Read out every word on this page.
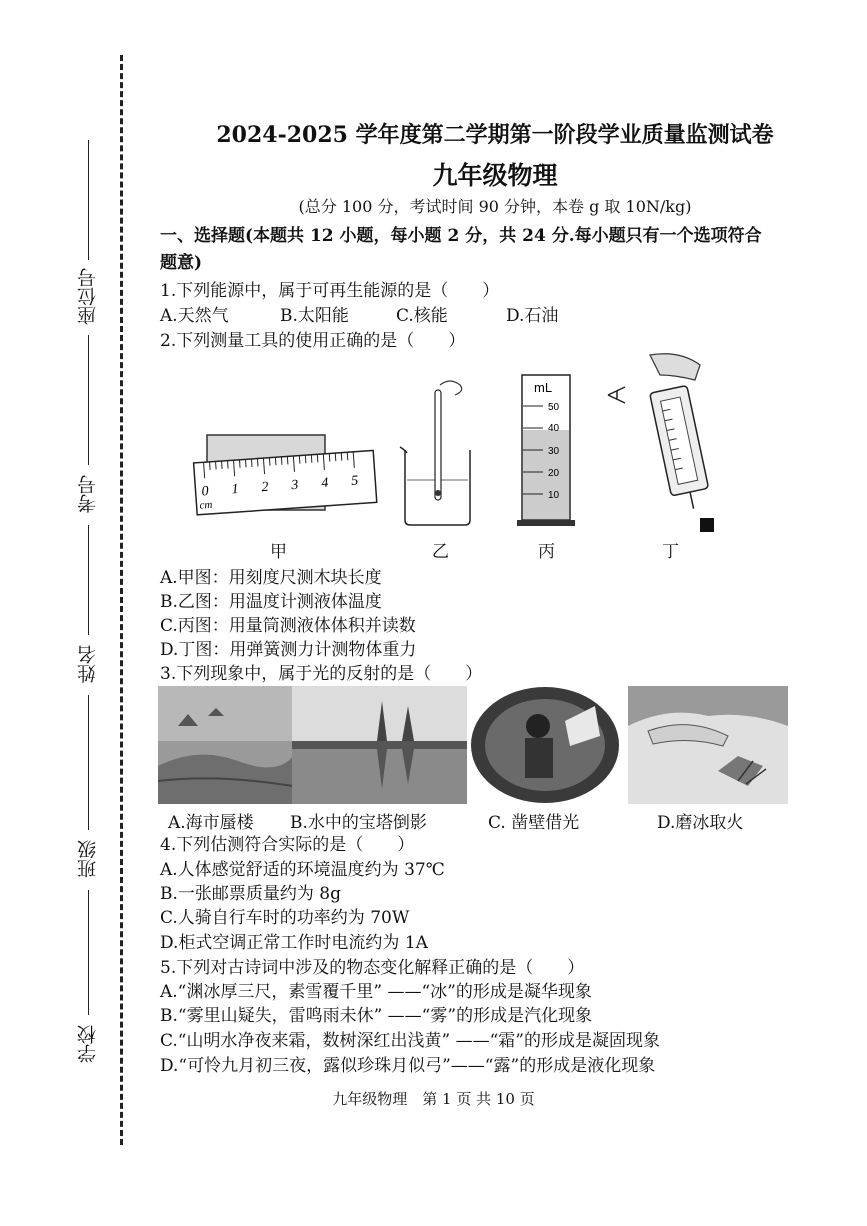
座位号
考号
姓名
班级
学校
2024-2025 学年度第二学期第一阶段学业质量监测试卷
九年级物理
(总分 100 分，考试时间 90 分钟，本卷 g 取 10N/kg)
一、选择题(本题共 12 小题，每小题 2 分，共 24 分.每小题只有一个选项符合
题意)
1.下列能源中，属于可再生能源的是（　　）
A.天然气	B.太阳能	C.核能	D.石油
2.下列测量工具的使用正确的是（　　）
0 1 2 3 4 5
cm
mL
50
40
30
20
10
甲	乙	丙	丁
A.甲图：用刻度尺测木块长度
B.乙图：用温度计测液体温度
C.丙图：用量筒测液体体积并读数
D.丁图：用弹簧测力计测物体重力
3.下列现象中，属于光的反射的是（　　）
A.海市蜃楼 B.水中的宝塔倒影	C. 凿壁借光	D.磨冰取火
4.下列估测符合实际的是（　　）
A.人体感觉舒适的环境温度约为 37℃
B.一张邮票质量约为 8g
C.人骑自行车时的功率约为 70W
D.柜式空调正常工作时电流约为 1A
5.下列对古诗词中涉及的物态变化解释正确的是（　　）
A.“渊冰厚三尺，素雪覆千里” ——“冰”的形成是凝华现象
B.“雾里山疑失，雷鸣雨未休” ——“雾”的形成是汽化现象
C.“山明水净夜来霜，数树深红出浅黄” ——“霜”的形成是凝固现象
D.“可怜九月初三夜，露似珍珠月似弓”——“露”的形成是液化现象
九年级物理　第 1 页 共 10 页
